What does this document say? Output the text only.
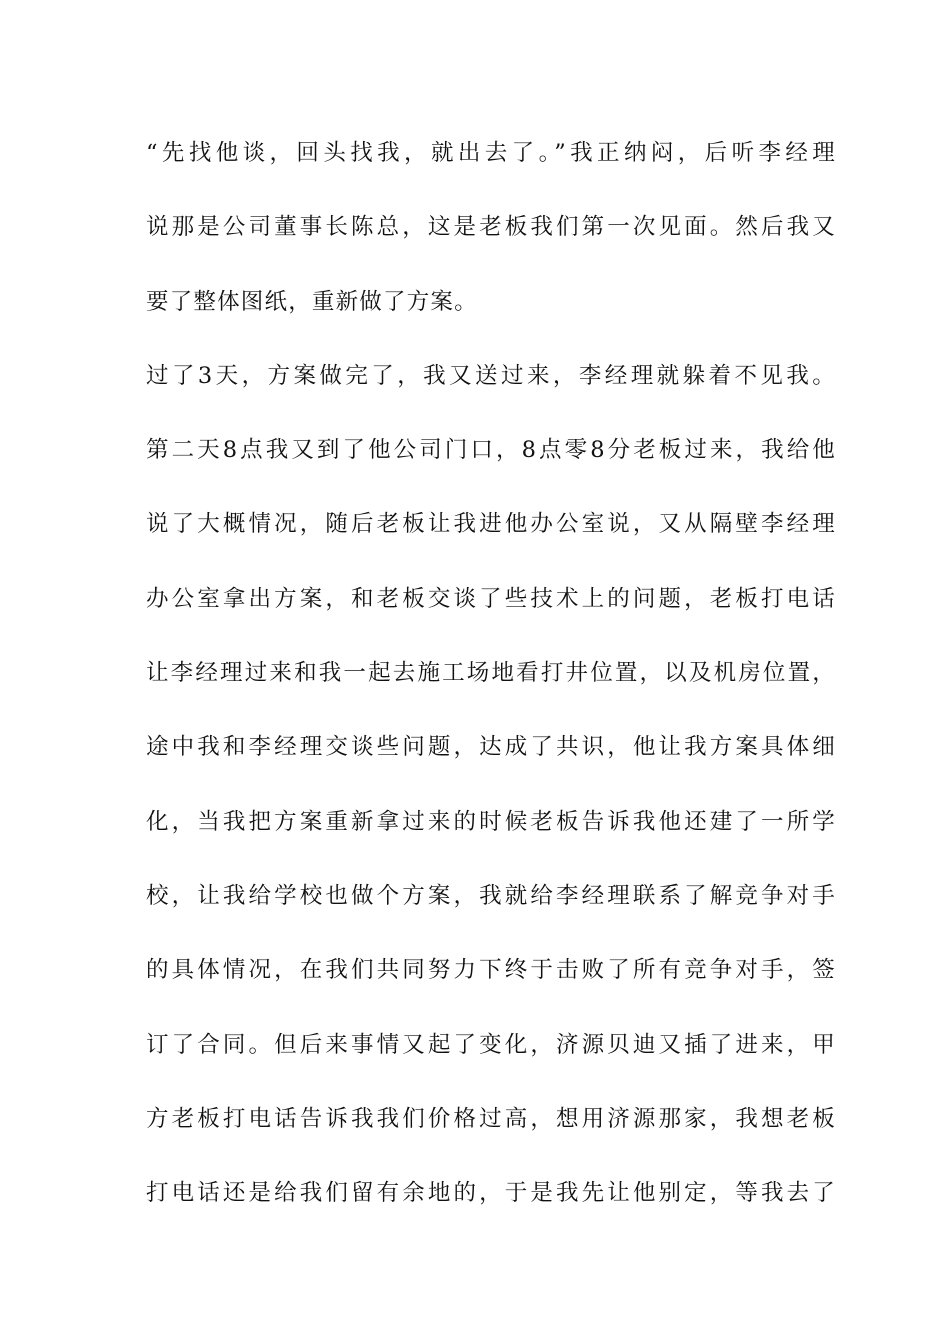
“先找他谈，回头找我，就出去了。”我正纳闷，后听李经理
说那是公司董事长陈总，这是老板我们第一次见面。然后我又
要了整体图纸，重新做了方案。
过了3天，方案做完了，我又送过来，李经理就躲着不见我。
第二天8点我又到了他公司门口，8点零8分老板过来，我给他
说了大概情况，随后老板让我进他办公室说，又从隔壁李经理
办公室拿出方案，和老板交谈了些技术上的问题，老板打电话
让李经理过来和我一起去施工场地看打井位置，以及机房位置，
途中我和李经理交谈些问题，达成了共识，他让我方案具体细
化，当我把方案重新拿过来的时候老板告诉我他还建了一所学
校，让我给学校也做个方案，我就给李经理联系了解竞争对手
的具体情况，在我们共同努力下终于击败了所有竞争对手，签
订了合同。但后来事情又起了变化，济源贝迪又插了进来，甲
方老板打电话告诉我我们价格过高，想用济源那家，我想老板
打电话还是给我们留有余地的，于是我先让他别定，等我去了
